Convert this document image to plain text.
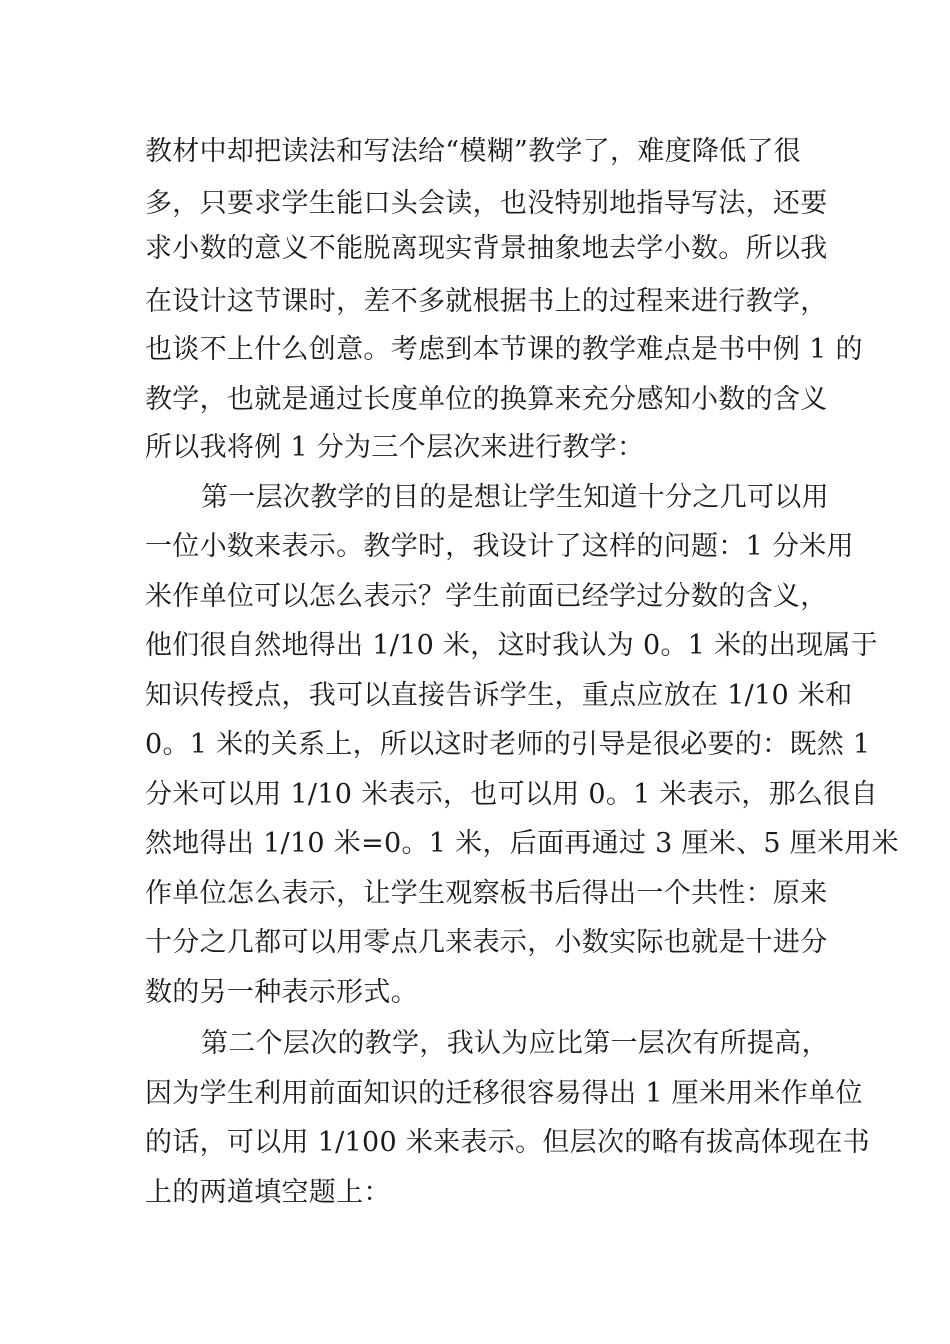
教材中却把读法和写法给“模糊”教学了，难度降低了很
多，只要求学生能口头会读，也没特别地指导写法，还要
求小数的意义不能脱离现实背景抽象地去学小数。所以我
在设计这节课时，差不多就根据书上的过程来进行教学，
也谈不上什么创意。考虑到本节课的教学难点是书中例 1 的
教学，也就是通过长度单位的换算来充分感知小数的含义
所以我将例 1 分为三个层次来进行教学：
第一层次教学的目的是想让学生知道十分之几可以用
一位小数来表示。教学时，我设计了这样的问题：1 分米用
米作单位可以怎么表示？学生前面已经学过分数的含义，
他们很自然地得出 1/10 米，这时我认为 0。1 米的出现属于
知识传授点，我可以直接告诉学生，重点应放在 1/10 米和
0。1 米的关系上，所以这时老师的引导是很必要的：既然 1
分米可以用 1/10 米表示，也可以用 0。1 米表示，那么很自
然地得出 1/10 米=0。1 米，后面再通过 3 厘米、5 厘米用米
作单位怎么表示，让学生观察板书后得出一个共性：原来
十分之几都可以用零点几来表示，小数实际也就是十进分
数的另一种表示形式。
第二个层次的教学，我认为应比第一层次有所提高，
因为学生利用前面知识的迁移很容易得出 1 厘米用米作单位
的话，可以用 1/100 米来表示。但层次的略有拔高体现在书
上的两道填空题上：
